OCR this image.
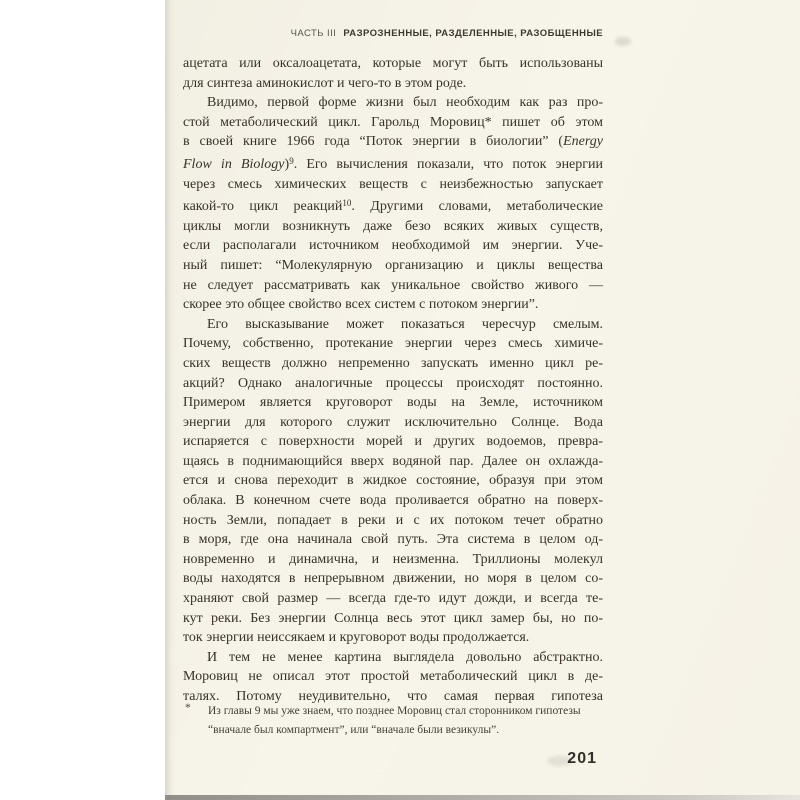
ЧАСТЬ III РАЗРОЗНЕННЫЕ, РАЗДЕЛЕННЫЕ, РАЗОБЩЕННЫЕ
ацетата или оксалоацетата, которые могут быть использованы
для синтеза аминокислот и чего-то в этом роде.
Видимо, первой форме жизни был необходим как раз про-
стой метаболический цикл. Гарольд Моровиц* пишет об этом
в своей книге 1966 года “Поток энергии в биологии” (Energy
Flow in Biology)$^9$. Его вычисления показали, что поток энергии
через смесь химических веществ с неизбежностью запускает
какой-то цикл реакций$^{10}$. Другими словами, метаболические
циклы могли возникнуть даже безо всяких живых существ,
если располагали источником необходимой им энергии. Уче-
ный пишет: “Молекулярную организацию и циклы вещества
не следует рассматривать как уникальное свойство живого —
скорее это общее свойство всех систем с потоком энергии”.
Его высказывание может показаться чересчур смелым.
Почему, собственно, протекание энергии через смесь химиче-
ских веществ должно непременно запускать именно цикл ре-
акций? Однако аналогичные процессы происходят постоянно.
Примером является круговорот воды на Земле, источником
энергии для которого служит исключительно Солнце. Вода
испаряется с поверхности морей и других водоемов, превра-
щаясь в поднимающийся вверх водяной пар. Далее он охлажда-
ется и снова переходит в жидкое состояние, образуя при этом
облака. В конечном счете вода проливается обратно на поверх-
ность Земли, попадает в реки и с их потоком течет обратно
в моря, где она начинала свой путь. Эта система в целом од-
новременно и динамична, и неизменна. Триллионы молекул
воды находятся в непрерывном движении, но моря в целом со-
храняют свой размер — всегда где-то идут дожди, и всегда те-
кут реки. Без энергии Солнца весь этот цикл замер бы, но по-
ток энергии неиссякаем и круговорот воды продолжается.
И тем не менее картина выглядела довольно абстрактно.
Моровиц не описал этот простой метаболический цикл в де-
талях. Потому неудивительно, что самая первая гипотеза
* Из главы 9 мы уже знаем, что позднее Моровиц стал сторонником гипотезы
“вначале был компартмент”, или “вначале были везикулы”.
201
